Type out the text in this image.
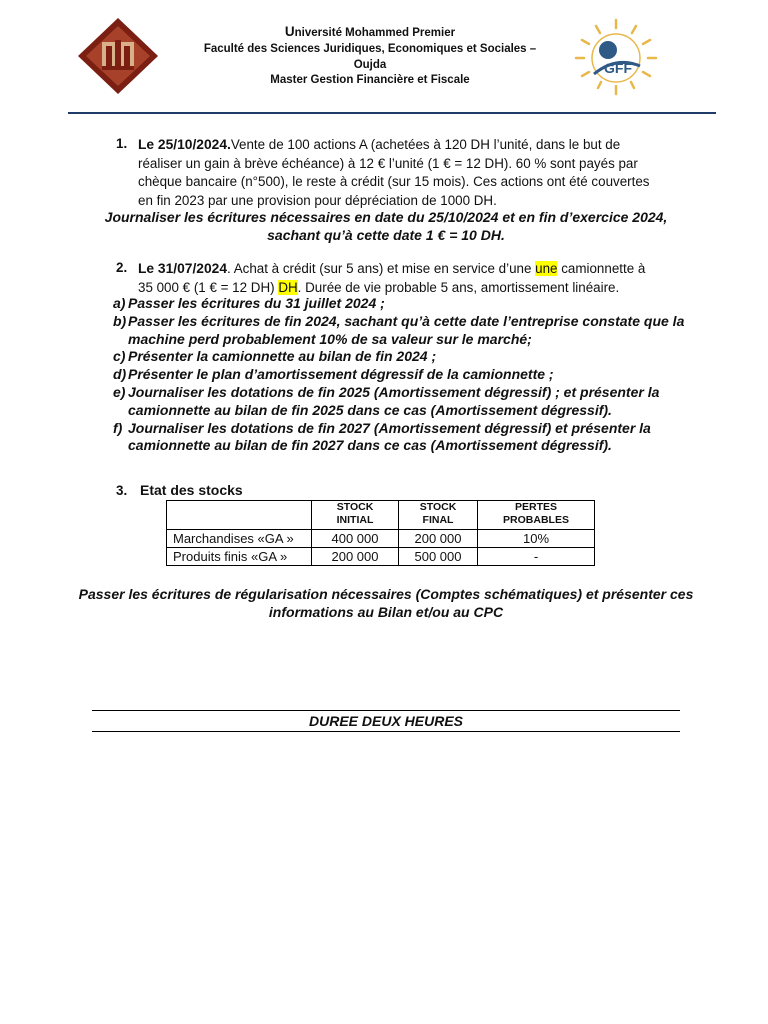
Université Mohammed Premier
Faculté des Sciences Juridiques, Economiques et Sociales –
Oujda
Master Gestion Financière et Fiscale
GFF
1. Le 25/10/2024.Vente de 100 actions A (achetées à 120 DH l’unité, dans le but de
réaliser un gain à brève échéance) à 12 € l’unité (1 € = 12 DH). 60 % sont payés par
chèque bancaire (n°500), le reste à crédit (sur 15 mois). Ces actions ont été couvertes
en fin 2023 par une provision pour dépréciation de 1000 DH.
Journaliser les écritures nécessaires en date du 25/10/2024 et en fin d’exercice 2024,
sachant qu’à cette date 1 € = 10 DH.
2. Le 31/07/2024. Achat à crédit (sur 5 ans) et mise en service d’une une camionnette à
35 000 € (1 € = 12 DH) DH. Durée de vie probable 5 ans, amortissement linéaire.
a) Passer les écritures du 31 juillet 2024 ;
b) Passer les écritures de fin 2024, sachant qu’à cette date l’entreprise constate que la
machine perd probablement 10% de sa valeur sur le marché;
c) Présenter la camionnette au bilan de fin 2024 ;
d) Présenter le plan d’amortissement dégressif de la camionnette ;
e) Journaliser les dotations de fin 2025 (Amortissement dégressif) ; et présenter la
camionnette au bilan de fin 2025 dans ce cas (Amortissement dégressif).
f) Journaliser les dotations de fin 2027 (Amortissement dégressif) et présenter la
camionnette au bilan de fin 2027 dans ce cas (Amortissement dégressif).
3. Etat des stocks
	STOCK INITIAL	STOCK FINAL	PERTES PROBABLES
Marchandises «GA »	400 000	200 000	10%
Produits finis «GA »	200 000	500 000	-
Passer les écritures de régularisation nécessaires (Comptes schématiques) et présenter ces
informations au Bilan et/ou au CPC
DUREE DEUX HEURES
